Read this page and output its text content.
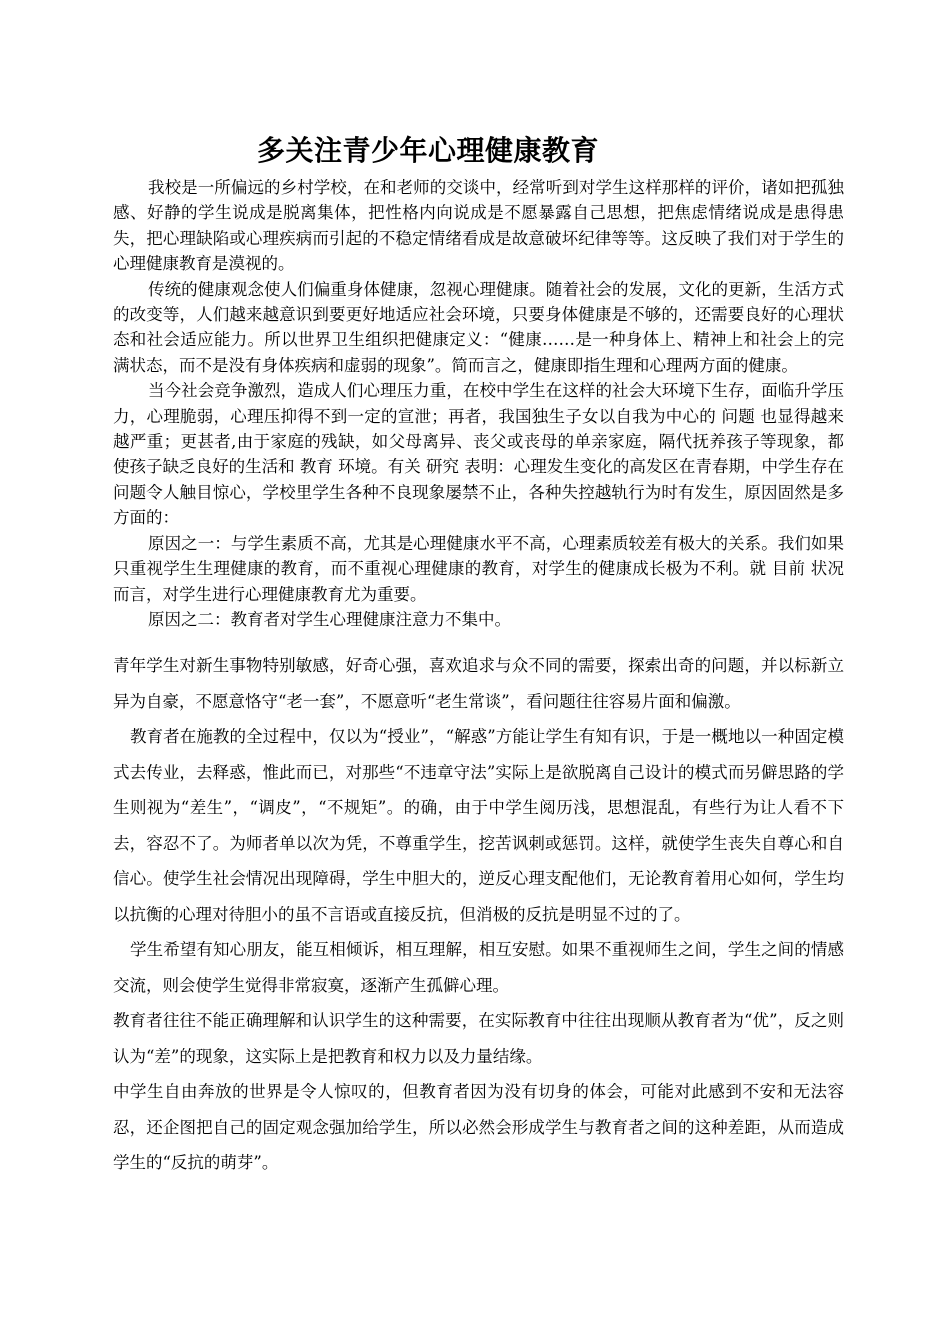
多关注青少年心理健康教育

我校是一所偏远的乡村学校，在和老师的交谈中，经常听到对学生这样那样的评价，诸如把孤独感、好静的学生说成是脱离集体，把性格内向说成是不愿暴露自己思想，把焦虑情绪说成是患得患失，把心理缺陷或心理疾病而引起的不稳定情绪看成是故意破坏纪律等等。这反映了我们对于学生的心理健康教育是漠视的。

传统的健康观念使人们偏重身体健康，忽视心理健康。随着社会的发展，文化的更新，生活方式的改变等，人们越来越意识到要更好地适应社会环境，只要身体健康是不够的，还需要良好的心理状态和社会适应能力。所以世界卫生组织把健康定义：“健康……是一种身体上、精神上和社会上的完满状态，而不是没有身体疾病和虚弱的现象”。简而言之，健康即指生理和心理两方面的健康。

当今社会竞争激烈，造成人们心理压力重，在校中学生在这样的社会大环境下生存，面临升学压力，心理脆弱，心理压抑得不到一定的宣泄；再者，我国独生子女以自我为中心的 问题 也显得越来越严重；更甚者,由于家庭的残缺，如父母离异、丧父或丧母的单亲家庭，隔代抚养孩子等现象，都使孩子缺乏良好的生活和 教育 环境。有关 研究 表明：心理发生变化的高发区在青春期，中学生存在问题令人触目惊心，学校里学生各种不良现象屡禁不止，各种失控越轨行为时有发生，原因固然是多方面的：

原因之一：与学生素质不高，尤其是心理健康水平不高，心理素质较差有极大的关系。我们如果只重视学生生理健康的教育，而不重视心理健康的教育，对学生的健康成长极为不利。就 目前 状况而言，对学生进行心理健康教育尤为重要。

原因之二：教育者对学生心理健康注意力不集中。

青年学生对新生事物特别敏感，好奇心强，喜欢追求与众不同的需要，探索出奇的问题，并以标新立异为自豪，不愿意恪守“老一套”，不愿意听“老生常谈”，看问题往往容易片面和偏激。

教育者在施教的全过程中，仅以为“授业”，“解惑”方能让学生有知有识，于是一概地以一种固定模式去传业，去释惑，惟此而已，对那些“不违章守法”实际上是欲脱离自己设计的模式而另僻思路的学生则视为“差生”，“调皮”，“不规矩”。的确，由于中学生阅历浅，思想混乱，有些行为让人看不下去，容忍不了。为师者单以次为凭，不尊重学生，挖苦讽刺或惩罚。这样，就使学生丧失自尊心和自信心。使学生社会情况出现障碍，学生中胆大的，逆反心理支配他们，无论教育着用心如何，学生均以抗衡的心理对待胆小的虽不言语或直接反抗，但消极的反抗是明显不过的了。

学生希望有知心朋友，能互相倾诉，相互理解，相互安慰。如果不重视师生之间，学生之间的情感交流，则会使学生觉得非常寂寞，逐渐产生孤僻心理。

教育者往往不能正确理解和认识学生的这种需要，在实际教育中往往出现顺从教育者为“优”，反之则认为“差”的现象，这实际上是把教育和权力以及力量结缘。

中学生自由奔放的世界是令人惊叹的，但教育者因为没有切身的体会，可能对此感到不安和无法容忍，还企图把自己的固定观念强加给学生，所以必然会形成学生与教育者之间的这种差距，从而造成学生的“反抗的萌芽”。
